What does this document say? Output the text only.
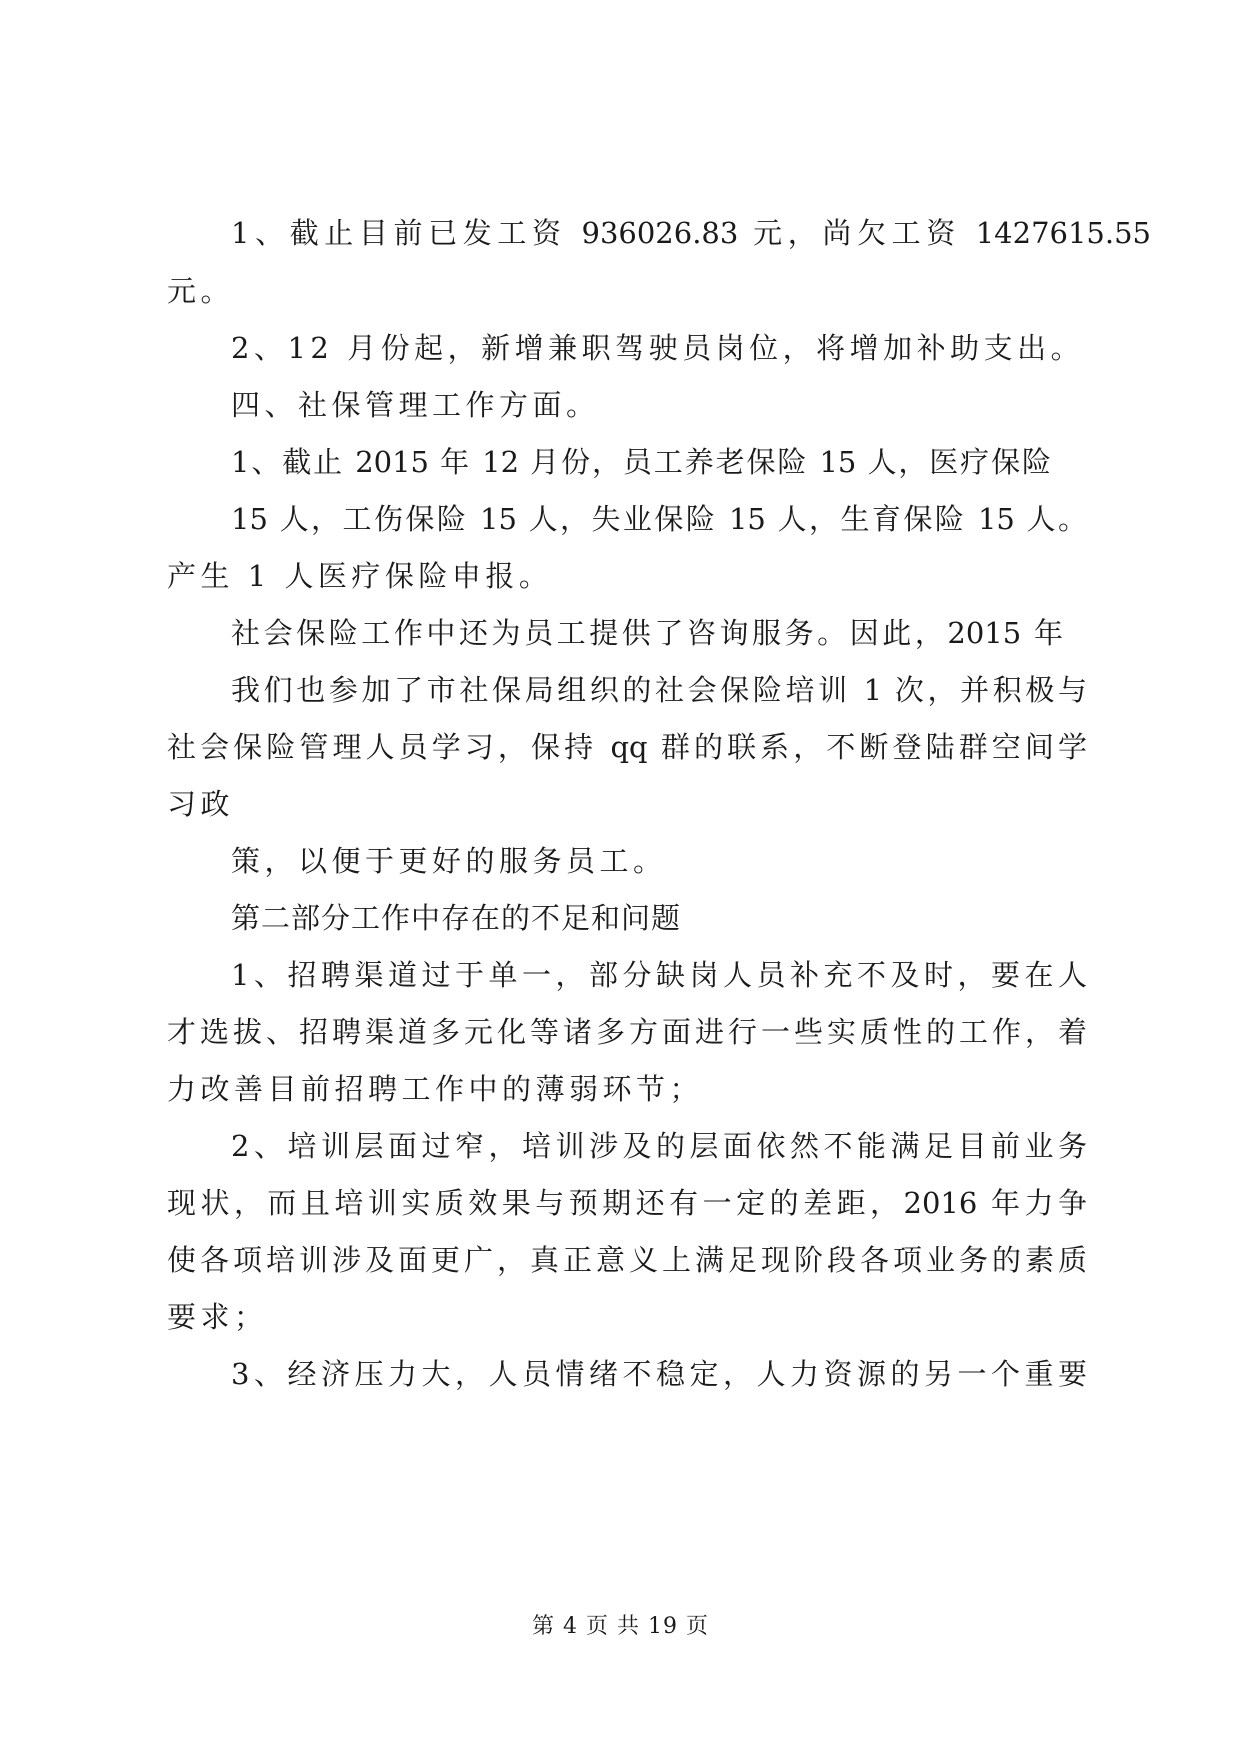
1、截止目前已发工资 936026.83 元，尚欠工资 1427615.55
元。
2、12 月份起，新增兼职驾驶员岗位，将增加补助支出。
四、社保管理工作方面。
1、截止 2015 年 12 月份，员工养老保险 15 人，医疗保险
15 人，工伤保险 15 人，失业保险 15 人，生育保险 15 人。
产生 1 人医疗保险申报。
社会保险工作中还为员工提供了咨询服务。因此，2015 年
我们也参加了市社保局组织的社会保险培训 1 次，并积极与
社会保险管理人员学习，保持 qq 群的联系，不断登陆群空间学
习政
策，以便于更好的服务员工。
第二部分工作中存在的不足和问题
1、招聘渠道过于单一，部分缺岗人员补充不及时，要在人
才选拔、招聘渠道多元化等诸多方面进行一些实质性的工作，着
力改善目前招聘工作中的薄弱环节；
2、培训层面过窄，培训涉及的层面依然不能满足目前业务
现状，而且培训实质效果与预期还有一定的差距，2016 年力争
使各项培训涉及面更广，真正意义上满足现阶段各项业务的素质
要求；
3、经济压力大，人员情绪不稳定，人力资源的另一个重要
第 4 页 共 19 页
